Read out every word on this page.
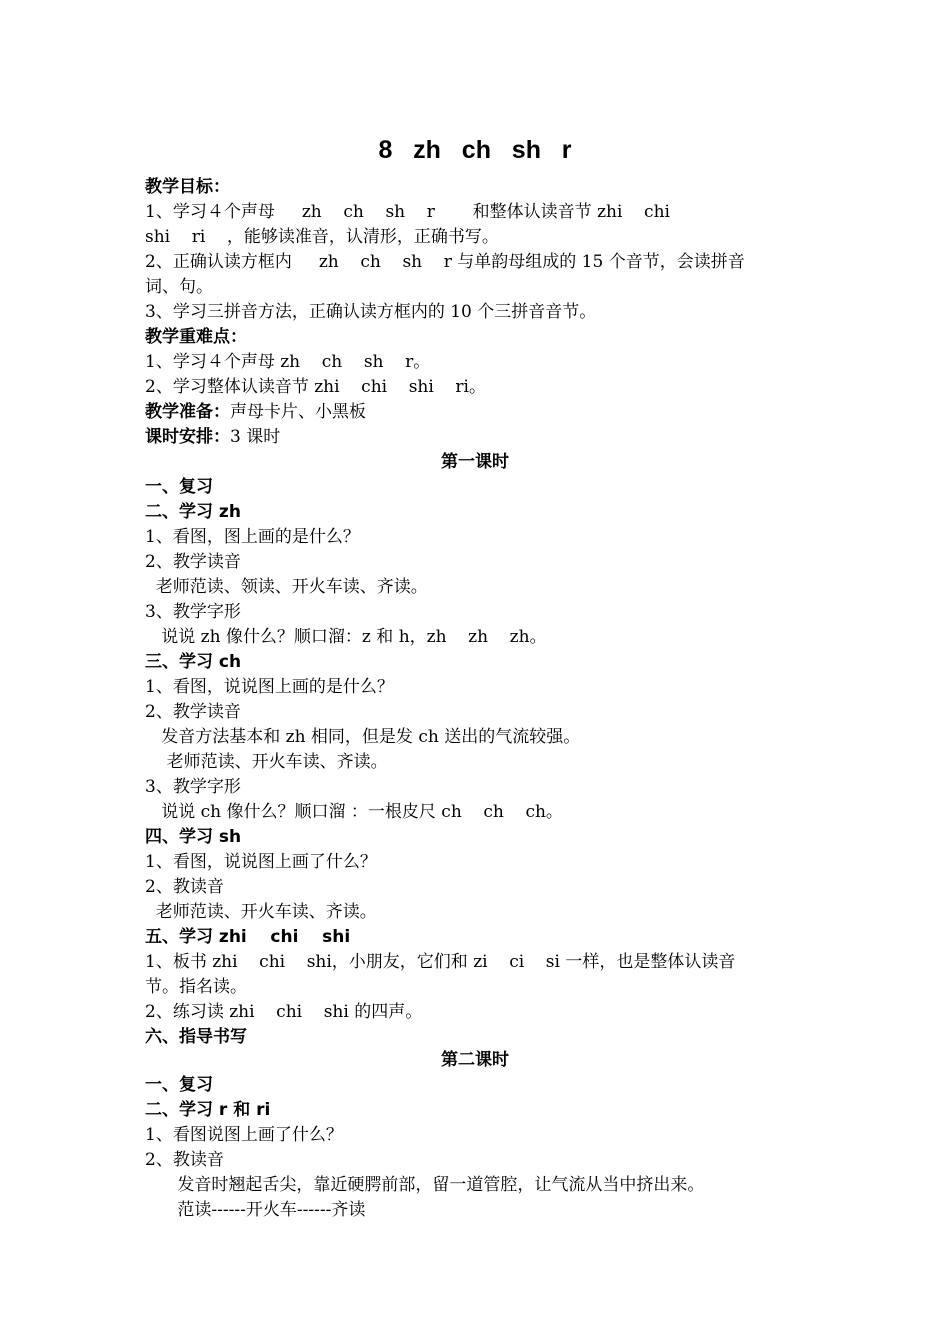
8   zh   ch   sh   r

教学目标：

1、学习４个声母     zh    ch    sh    r       和整体认读音节 zhi    chi

shi    ri    ，能够读准音，认清形，正确书写。

2、正确认读方框内     zh    ch    sh    r 与单韵母组成的 15 个音节，会读拼音

词、句。

3、学习三拼音方法，正确认读方框内的 10 个三拼音音节。

教学重难点：

1、学习４个声母 zh    ch    sh    r。

2、学习整体认读音节 zhi    chi    shi    ri。

教学准备：声母卡片、小黑板

课时安排：3 课时

第一课时

一、复习

二、学习 zh

1、看图，图上画的是什么？

2、教学读音

老师范读、领读、开火车读、齐读。

3、教学字形

说说 zh 像什么？顺口溜：z 和 h，zh    zh    zh。

三、学习 ch

1、看图，说说图上画的是什么？

2、教学读音

发音方法基本和 zh 相同，但是发 ch 送出的气流较强。

老师范读、开火车读、齐读。

3、教学字形

说说 ch 像什么？顺口溜 ：一根皮尺 ch    ch    ch。

四、学习 sh

1、看图，说说图上画了什么？

2、教读音

老师范读、开火车读、齐读。

五、学习 zhi    chi    shi

1、板书 zhi    chi    shi，小朋友，它们和 zi    ci    si 一样，也是整体认读音

节。指名读。

2、练习读 zhi    chi    shi 的四声。

六、指导书写

第二课时

一、复习

二、学习 r 和 ri

1、看图说图上画了什么？

2、教读音

发音时翘起舌尖，靠近硬腭前部，留一道管腔，让气流从当中挤出来。

范读------开火车------齐读
